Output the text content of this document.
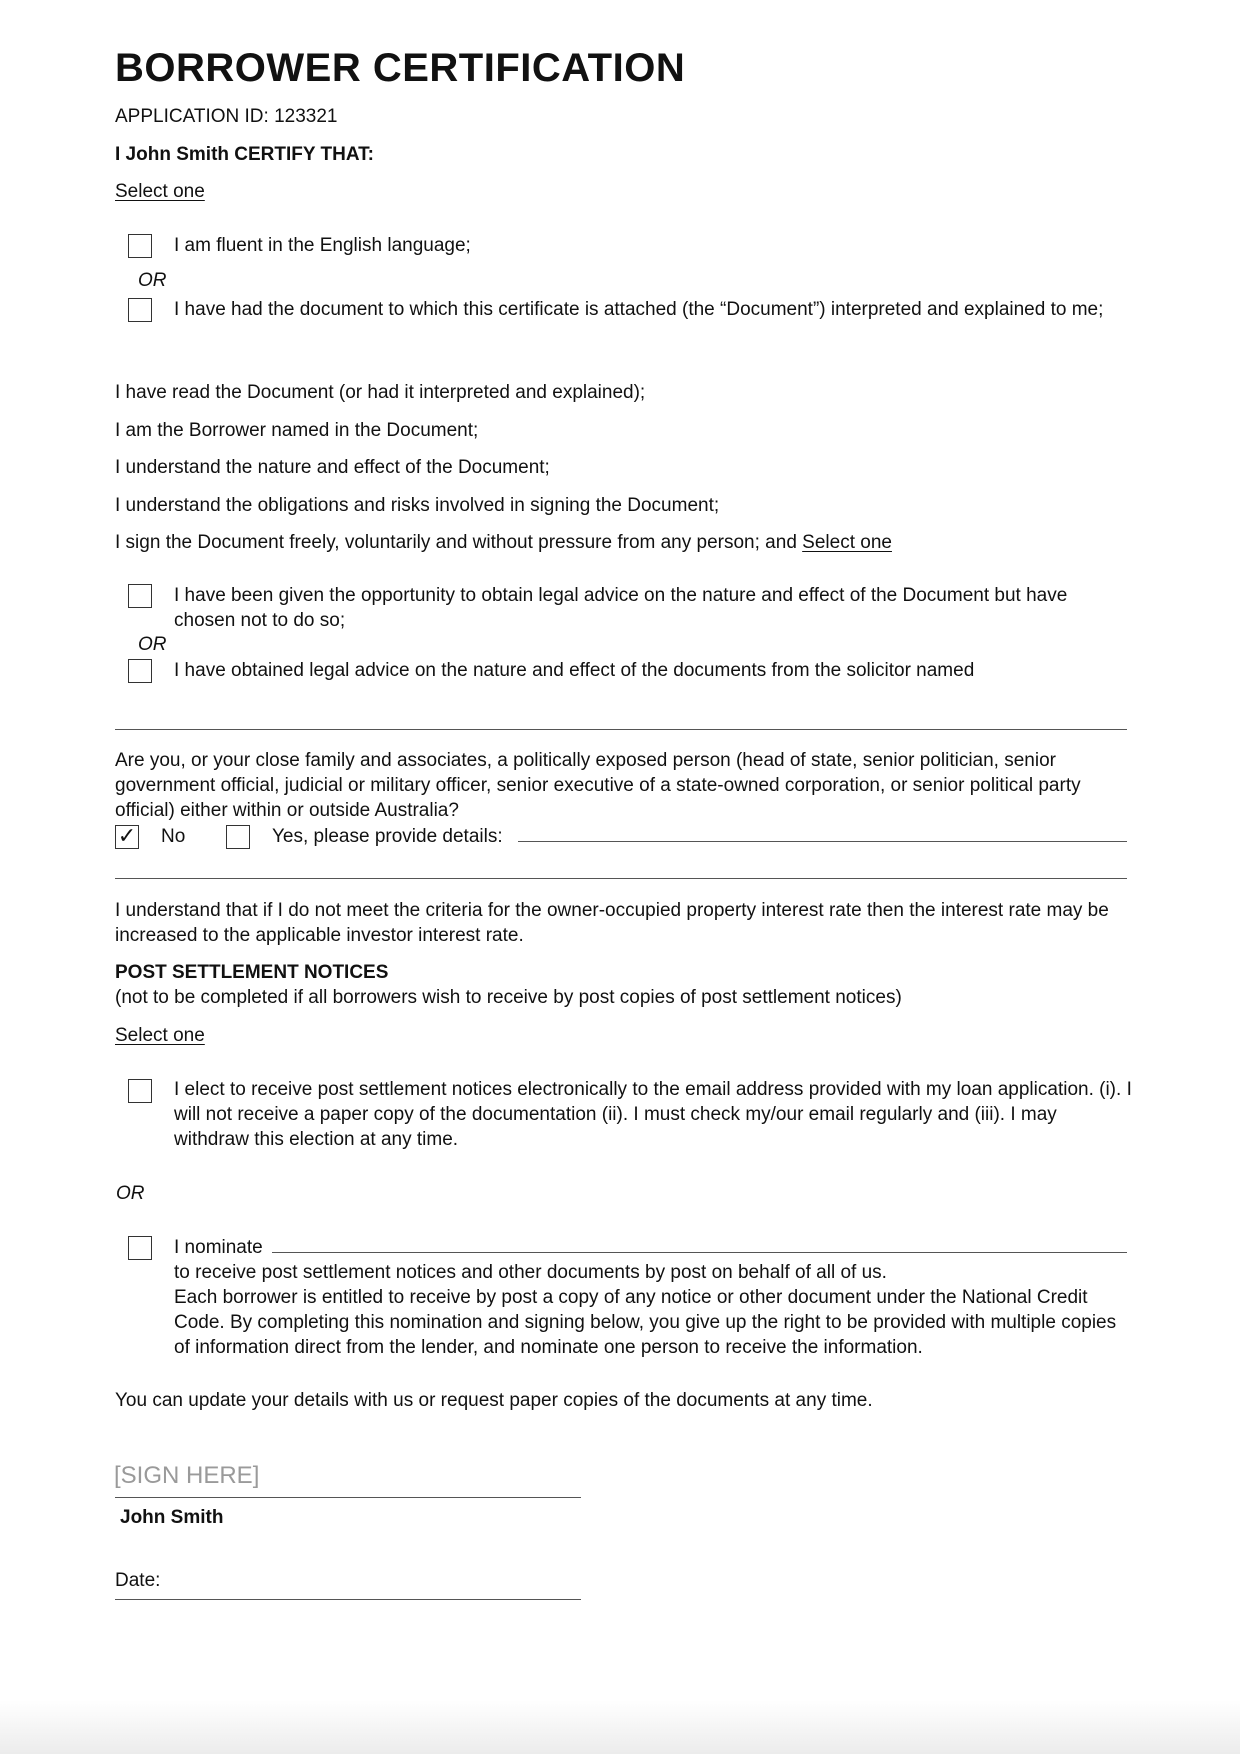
BORROWER CERTIFICATION
APPLICATION ID: 123321
I John Smith CERTIFY THAT:
Select one
I am fluent in the English language;
OR
I have had the document to which this certificate is attached (the “Document”) interpreted and explained to me;
I have read the Document (or had it interpreted and explained);
I am the Borrower named in the Document;
I understand the nature and effect of the Document;
I understand the obligations and risks involved in signing the Document;
I sign the Document freely, voluntarily and without pressure from any person; and Select one
I have been given the opportunity to obtain legal advice on the nature and effect of the Document but have chosen not to do so;
OR
I have obtained legal advice on the nature and effect of the documents from the solicitor named
Are you, or your close family and associates, a politically exposed person (head of state, senior politician, senior government official, judicial or military officer, senior executive of a state-owned corporation, or senior political party official) either within or outside Australia?
✓ No	Yes, please provide details:
I understand that if I do not meet the criteria for the owner-occupied property interest rate then the interest rate may be increased to the applicable investor interest rate.
POST SETTLEMENT NOTICES
(not to be completed if all borrowers wish to receive by post copies of post settlement notices)
Select one
I elect to receive post settlement notices electronically to the email address provided with my loan application. (i). I will not receive a paper copy of the documentation (ii). I must check my/our email regularly and (iii). I may withdraw this election at any time.
OR
I nominate
to receive post settlement notices and other documents by post on behalf of all of us.
Each borrower is entitled to receive by post a copy of any notice or other document under the National Credit Code. By completing this nomination and signing below, you give up the right to be provided with multiple copies of information direct from the lender, and nominate one person to receive the information.
You can update your details with us or request paper copies of the documents at any time.
[SIGN HERE]
John Smith
Date:
